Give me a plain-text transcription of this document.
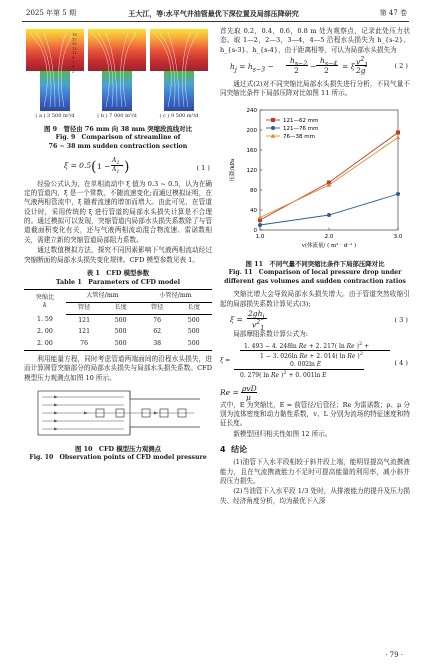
2025 年第 5 期	王大江，等:水平气井油管最优下深位置及局部压降研究	第 47 卷
19
17
15
13
11
9
7
5
3
( a ) 3 500 m³/d	( b ) 7 000 m³/d	( c ) 9 500 m³/d
图 9　管径由 76 mm 向 38 mm 突缩段流线对比
Fig. 9　Comparison of streamline of
76 ~ 38 mm sudden contraction section
ξ = 0.5 ( 1 −
$A_2$
$A_1$ )	( 1 )

经验公式认为，在单相流动中 ξ 值为 0.3 ~ 0.5，认为在确定的管道内，ξ 是一个常数，不随流速变化;而通过模拟证明，在气液两相管流中，ξ 随着流速的增加而增大。由此可见，在管道设计时，采用传统的 ξ 进行管道的局部水头损失计算是不合理的。通过模拟可以发现，突缩管道内局部水头损失系数除了与管道截面积变化有关，还与气液两相流动混合物流速、雷诺数相关，需建立新的突缩管道局部阻力系数。

通过数值模拟方法，探究不同因素影响下气液两相流动经过突缩断面的局部水头损失变化规律。CFD 模型参数见表 1。

表 1　CFD 模型参数
Table 1　Parameters of CFD model
突缩比
k	大管径/mm		小管径/mm	
	管径	长度	管径	长度
1. 59	121	500	76	500
2. 00	121	500	62	500
2. 00	76	500	38	500

利用能量方程，同时考虑管道两端面间的沿程水头损失，进而计算圆管突缩部分的局部水头损失与局部水头损失系数。CFD 模型压力观测点如图 10 所示。

图 10　CFD 模型压力观测点
Fig. 10　Observation points of CFD model pressure

首先取 0.2，0.4，0.6，0.8 m 处为观察点，记录此处压力状态。取 1—2，2—3，3—4，4—5 沿程水头损失为 h_{s-2}、h_{s-3}、h_{s-4}，由于距离相等，可认为局部水头损失为

$h_j = h_{s-3}$ −
$h_{s-2}$
2 −
$h_{s-4}$
2 = ξ $v^2_1$
2g	( 2 )

通过式(2)对不同突缩比局部水头损失进行分析，不同气量不同突缩比条件下局部压降对比如图 11 所示。

0
40
80
120
160
200
240
1.0	2.0	3.0
v(体流量/ ( m³ · d⁻¹ )
压降/kPa
121—62 mm
121—76 mm
76—38 mm
图 11　不同气量不同突缩比条件下局部压降对比
Fig. 11　Comparison of local pressure drop under
different gas volumes and sudden contraction ratios

突缩比增大会导致局部水头损失增大。由于管道突然收缩引起的局部损失系数计算见式(3);

ξ =
$2gh_j$
$v^2_1$
( 3 )

局部摩阻系数计算公式为:

ξ =
1. 493 − 4. 248ln Re + 2. 217( ln Re )$^2$ +
1 − 3. 026ln Re + 2. 014( ln Re )$^2$
0. 002ln E
0. 279( ln Re )$^2$ + 0. 001ln E
( 4 )
Re = ρvD
μ

式中，E 为突缩比，E = 前管径/后管径；Re 为雷诺数；ρ、μ 分别为流体密度和动力黏性系数，v、L 分别为流场的特征速度和特征长度。

新模型回归相关性如图 12 所示。

4 结论

(1)油管下入水平段相较于斜井段上端，能明显提高气流携液能力，且在气流携液能力不足时可提高能量的利用率，减小斜井段压力损失。

(2)当油管下入水平段 1/3 处时，从排液能力的提升及压力损失、经济角度分析，均为最优下入深

· 79 ·
